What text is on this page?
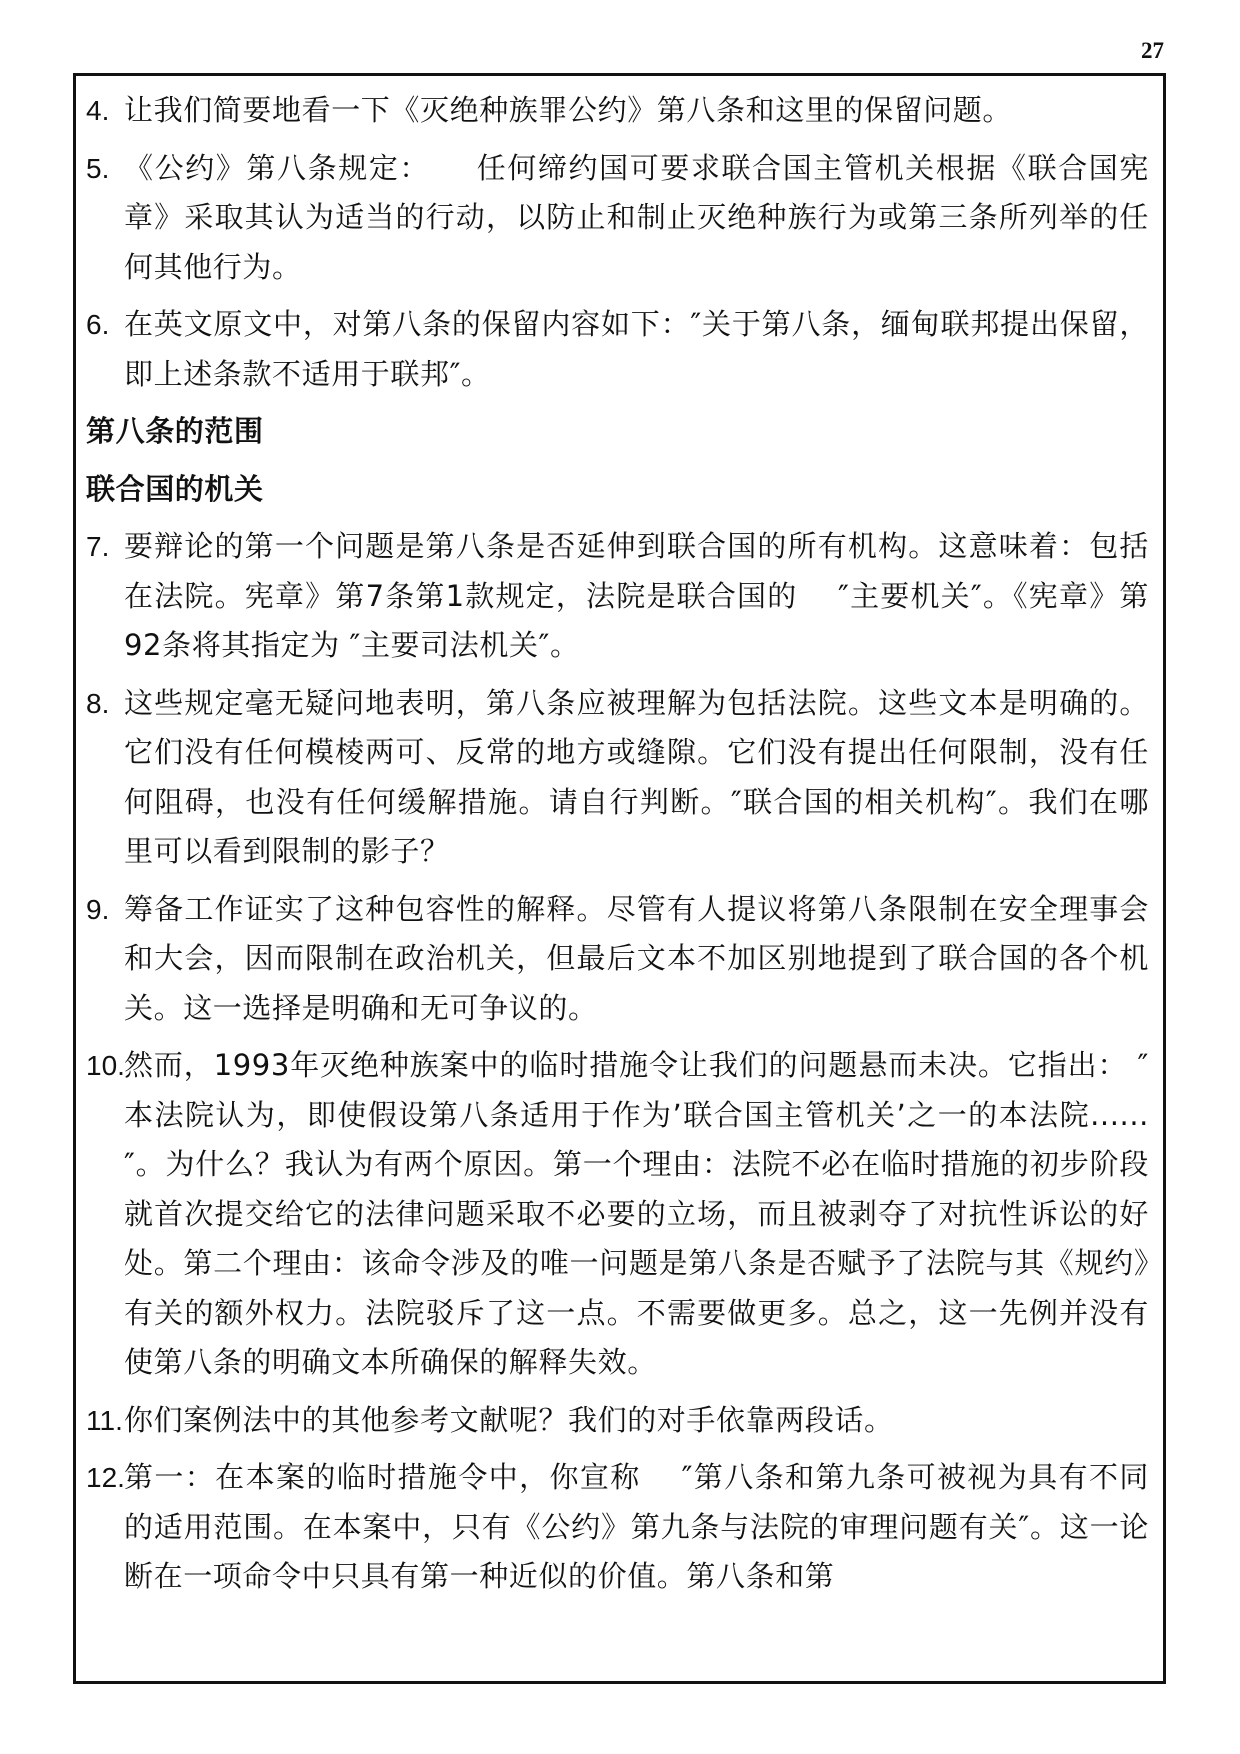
27
4. 让我们简要地看一下《灭绝种族罪公约》第八条和这里的保留问题。
5. 《公约》第八条规定：　　任何缔约国可要求联合国主管机关根据《联合国宪章》采取其认为适当的行动，以防止和制止灭绝种族行为或第三条所列举的任何其他行为。
6. 在英文原文中，对第八条的保留内容如下：″关于第八条，缅甸联邦提出保留，即上述条款不适用于联邦″。
第八条的范围
联合国的机关
7. 要辩论的第一个问题是第八条是否延伸到联合国的所有机构。这意味着：包括在法院。宪章》第7条第1款规定，法院是联合国的　 ″主要机关″。《宪章》第92条将其指定为 ″主要司法机关″。
8. 这些规定毫无疑问地表明，第八条应被理解为包括法院。这些文本是明确的。它们没有任何模棱两可、反常的地方或缝隙。它们没有提出任何限制，没有任何阻碍，也没有任何缓解措施。请自行判断。″联合国的相关机构″。我们在哪里可以看到限制的影子？
9. 筹备工作证实了这种包容性的解释。尽管有人提议将第八条限制在安全理事会和大会，因而限制在政治机关，但最后文本不加区别地提到了联合国的各个机关。这一选择是明确和无可争议的。
10. 然而，1993年灭绝种族案中的临时措施令让我们的问题悬而未决。它指出： ″本法院认为，即使假设第八条适用于作为’联合国主管机关’之一的本法院......″。为什么？我认为有两个原因。第一个理由：法院不必在临时措施的初步阶段就首次提交给它的法律问题采取不必要的立场，而且被剥夺了对抗性诉讼的好处。第二个理由：该命令涉及的唯一问题是第八条是否赋予了法院与其《规约》有关的额外权力。法院驳斥了这一点。不需要做更多。总之，这一先例并没有使第八条的明确文本所确保的解释失效。
11. 你们案例法中的其他参考文献呢？我们的对手依靠两段话。
12. 第一：在本案的临时措施令中，你宣称　 ″第八条和第九条可被视为具有不同的适用范围。在本案中，只有《公约》第九条与法院的审理问题有关″。这一论断在一项命令中只具有第一种近似的价值。第八条和第
